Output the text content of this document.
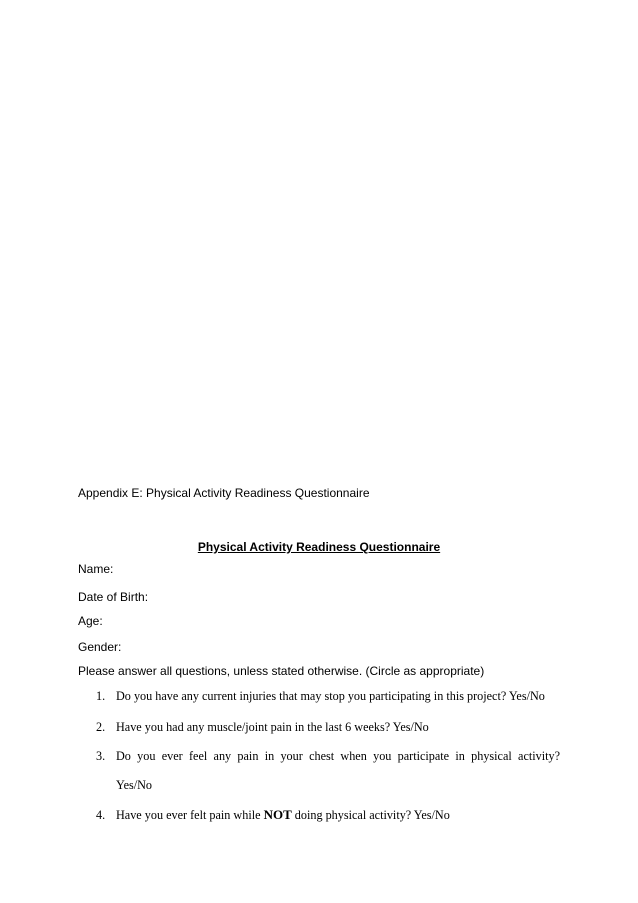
Appendix E: Physical Activity Readiness Questionnaire
Physical Activity Readiness Questionnaire
Name:
Date of Birth:
Age:
Gender:
Please answer all questions, unless stated otherwise. (Circle as appropriate)
1. Do you have any current injuries that may stop you participating in this project? Yes/No
2. Have you had any muscle/joint pain in the last 6 weeks? Yes/No
3. Do you ever feel any pain in your chest when you participate in physical activity?
Yes/No
4. Have you ever felt pain while NOT doing physical activity? Yes/No
